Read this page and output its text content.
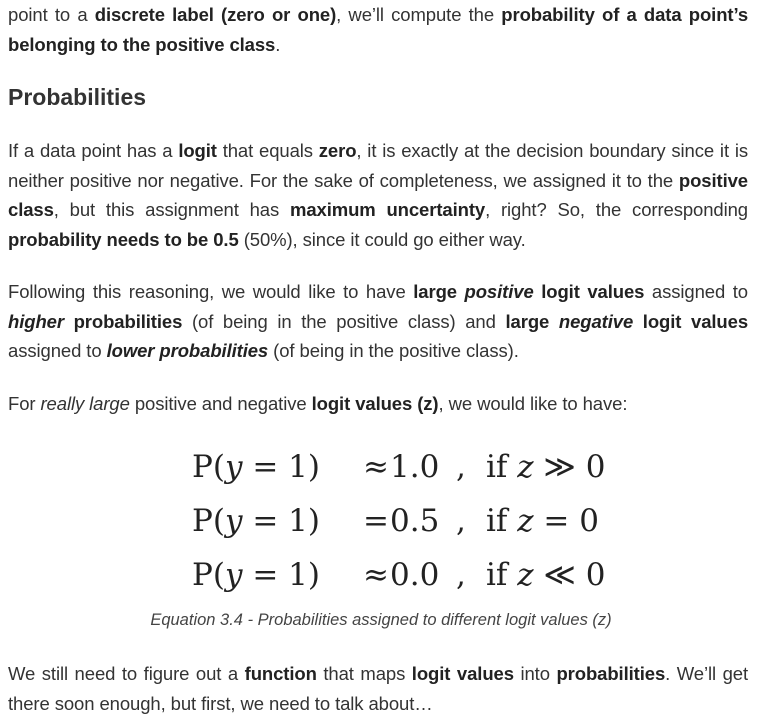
point to a discrete label (zero or one), we’ll compute the probability of a data point’s belonging to the positive class.

Probabilities

If a data point has a logit that equals zero, it is exactly at the decision boundary since it is neither positive nor negative. For the sake of completeness, we assigned it to the positive class, but this assignment has maximum uncertainty, right? So, the corresponding probability needs to be 0.5 (50%), since it could go either way.

Following this reasoning, we would like to have large positive logit values assigned to higher probabilities (of being in the positive class) and large negative logit values assigned to lower probabilities (of being in the positive class).

For really large positive and negative logit values (z), we would like to have:

P(𝑦 = 1) ≈1.0 , if 𝑧 ≫ 0
P(𝑦 = 1) =0.5 , if 𝑧 = 0
P(𝑦 = 1) ≈0.0 , if 𝑧 ≪ 0
Equation 3.4 - Probabilities assigned to different logit values (z)

We still need to figure out a function that maps logit values into probabilities. We’ll get there soon enough, but first, we need to talk about…
